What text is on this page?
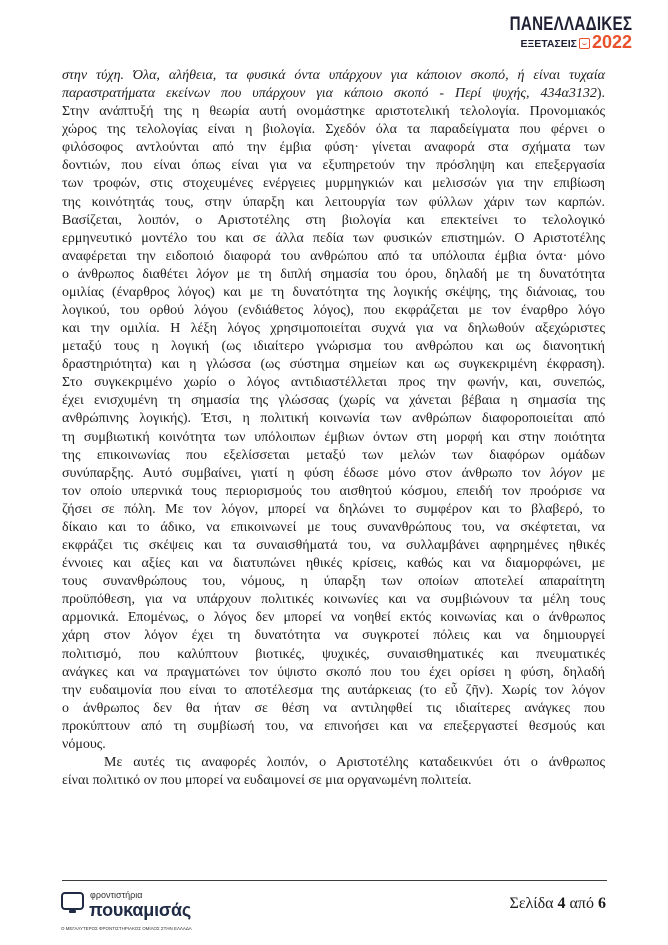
ΠΑΝΕΛΛΑΔΙΚΕΣ
ΕΞΕΤΑΣΕΙΣ 2022
στην τύχη. Όλα, αλήθεια, τα φυσικά όντα υπάρχουν για κάποιον σκοπό, ή είναι τυχαία
παραστρατήματα εκείνων που υπάρχουν για κάποιο σκοπό - Περί ψυχής, 434α3132).
Στην ανάπτυξή της η θεωρία αυτή ονομάστηκε αριστοτελική τελολογία. Προνομιακός
χώρος της τελολογίας είναι η βιολογία. Σχεδόν όλα τα παραδείγματα που φέρνει ο
φιλόσοφος αντλούνται από την έμβια φύση· γίνεται αναφορά στα σχήματα των
δοντιών, που είναι όπως είναι για να εξυπηρετούν την πρόσληψη και επεξεργασία
των τροφών, στις στοχευμένες ενέργειες μυρμηγκιών και μελισσών για την επιβίωση
της κοινότητάς τους, στην ύπαρξη και λειτουργία των φύλλων χάριν των καρπών.
Βασίζεται, λοιπόν, ο Αριστοτέλης στη βιολογία και επεκτείνει το τελολογικό
ερμηνευτικό μοντέλο του και σε άλλα πεδία των φυσικών επιστημών. Ο Αριστοτέλης
αναφέρεται την ειδοποιό διαφορά του ανθρώπου από τα υπόλοιπα έμβια όντα· μόνο
ο άνθρωπος διαθέτει λόγον με τη διπλή σημασία του όρου, δηλαδή με τη δυνατότητα
ομιλίας (έναρθρος λόγος) και με τη δυνατότητα της λογικής σκέψης, της διάνοιας, του
λογικού, του ορθού λόγου (ενδιάθετος λόγος), που εκφράζεται με τον έναρθρο λόγο
και την ομιλία. Η λέξη λόγος χρησιμοποιείται συχνά για να δηλωθούν αξεχώριστες
μεταξύ τους η λογική (ως ιδιαίτερο γνώρισμα του ανθρώπου και ως διανοητική
δραστηριότητα) και η γλώσσα (ως σύστημα σημείων και ως συγκεκριμένη έκφραση).
Στο συγκεκριμένο χωρίο ο λόγος αντιδιαστέλλεται προς την φωνήν, και, συνεπώς,
έχει ενισχυμένη τη σημασία της γλώσσας (χωρίς να χάνεται βέβαια η σημασία της
ανθρώπινης λογικής). Έτσι, η πολιτική κοινωνία των ανθρώπων διαφοροποιείται από
τη συμβιωτική κοινότητα των υπόλοιπων έμβιων όντων στη μορφή και στην ποιότητα
της επικοινωνίας που εξελίσσεται μεταξύ των μελών των διαφόρων ομάδων
συνύπαρξης. Αυτό συμβαίνει, γιατί η φύση έδωσε μόνο στον άνθρωπο τον λόγον με
τον οποίο υπερνικά τους περιορισμούς του αισθητού κόσμου, επειδή τον προόρισε να
ζήσει σε πόλη. Με τον λόγον, μπορεί να δηλώνει το συμφέρον και το βλαβερό, το
δίκαιο και το άδικο, να επικοινωνεί με τους συνανθρώπους του, να σκέφτεται, να
εκφράζει τις σκέψεις και τα συναισθήματά του, να συλλαμβάνει αφηρημένες ηθικές
έννοιες και αξίες και να διατυπώνει ηθικές κρίσεις, καθώς και να διαμορφώνει, με
τους συνανθρώπους του, νόμους, η ύπαρξη των οποίων αποτελεί απαραίτητη
προϋπόθεση, για να υπάρχουν πολιτικές κοινωνίες και να συμβιώνουν τα μέλη τους
αρμονικά. Επομένως, ο λόγος δεν μπορεί να νοηθεί εκτός κοινωνίας και ο άνθρωπος
χάρη στον λόγον έχει τη δυνατότητα να συγκροτεί πόλεις και να δημιουργεί
πολιτισμό, που καλύπτουν βιοτικές, ψυχικές, συναισθηματικές και πνευματικές
ανάγκες και να πραγματώνει τον ύψιστο σκοπό που του έχει ορίσει η φύση, δηλαδή
την ευδαιμονία που είναι το αποτέλεσμα της αυτάρκειας (το εὖ ζῆν). Χωρίς τον λόγον
ο άνθρωπος δεν θα ήταν σε θέση να αντιληφθεί τις ιδιαίτερες ανάγκες που
προκύπτουν από τη συμβίωσή του, να επινοήσει και να επεξεργαστεί θεσμούς και
νόμους.
Με αυτές τις αναφορές λοιπόν, ο Αριστοτέλης καταδεικνύει ότι ο άνθρωπος
είναι πολιτικό ον που μπορεί να ευδαιμονεί σε μια οργανωμένη πολιτεία.
φροντιστήρια
πουκαμισάς
Ο ΜΕΓΑΛΥΤΕΡΟΣ ΦΡΟΝΤΙΣΤΗΡΙΑΚΟΣ ΟΜΙΛΟΣ ΣΤΗΝ ΕΛΛΑΔΑ
Σελίδα 4 από 6
